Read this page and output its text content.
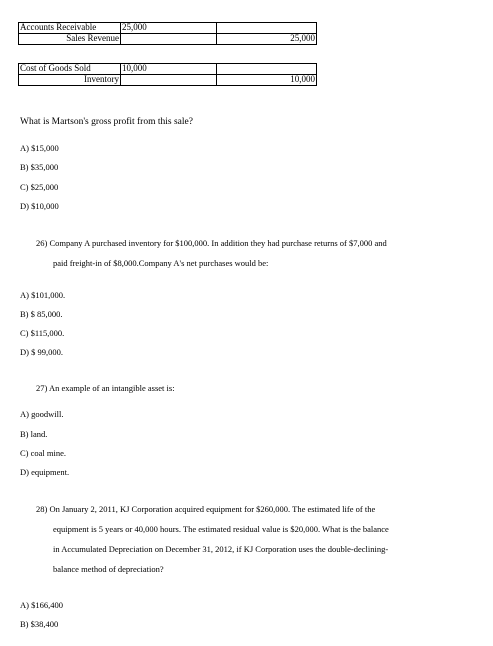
Accounts Receivable	25,000	
Sales Revenue		25,000
Cost of Goods Sold	10,000	
Inventory		10,000
What is Martson's gross profit from this sale?
A) $15,000
B) $35,000
C) $25,000
D) $10,000
26) Company A purchased inventory for $100,000. In addition they had purchase returns of $7,000 and
paid freight-in of $8,000.Company A's net purchases would be:
A) $101,000.
B) $ 85,000.
C) $115,000.
D) $ 99,000.
27) An example of an intangible asset is:
A) goodwill.
B) land.
C) coal mine.
D) equipment.
28) On January 2, 2011, KJ Corporation acquired equipment for $260,000. The estimated life of the
equipment is 5 years or 40,000 hours. The estimated residual value is $20,000. What is the balance
in Accumulated Depreciation on December 31, 2012, if KJ Corporation uses the double-declining-
balance method of depreciation?
A) $166,400
B) $38,400
